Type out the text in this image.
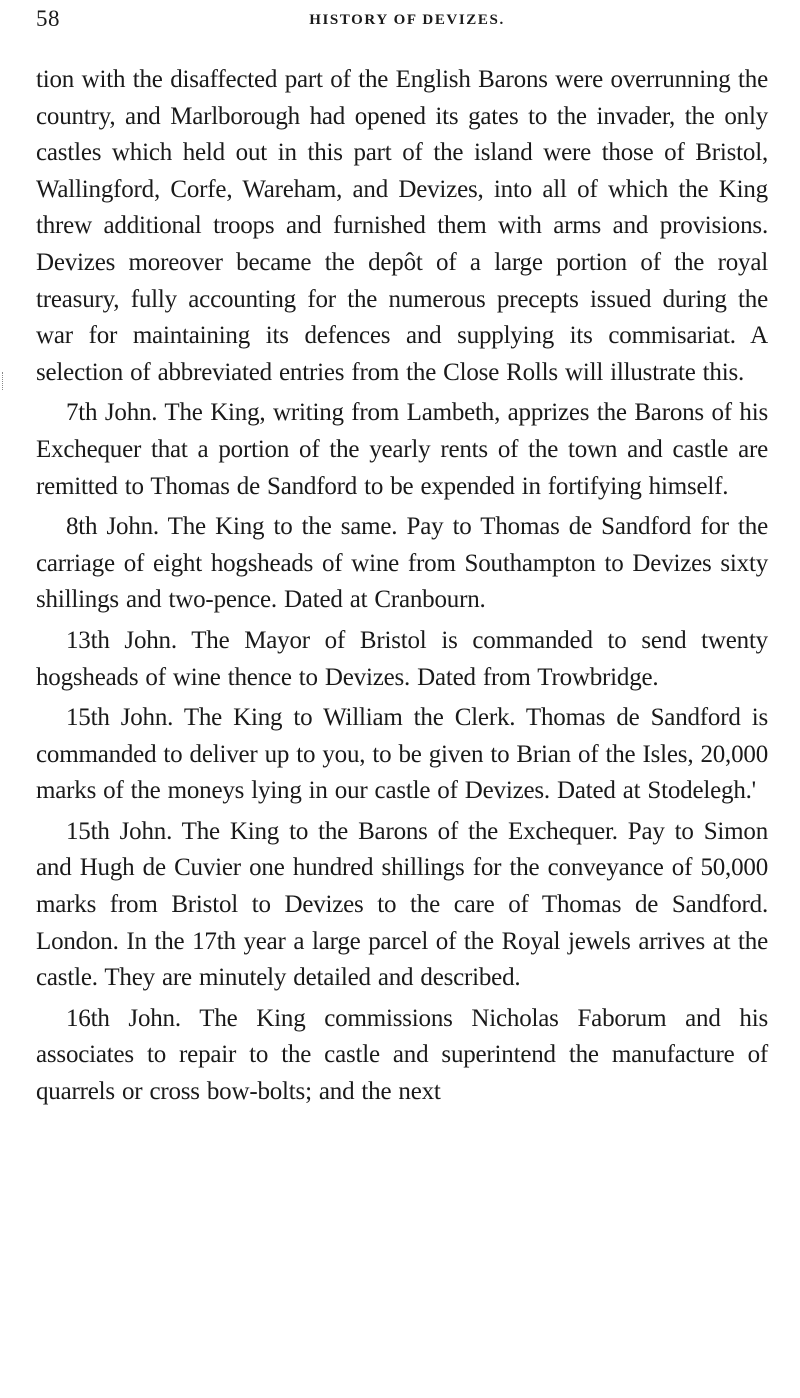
58	HISTORY OF DEVIZES.

tion with the disaffected part of the English Barons were overrunning the country, and Marlborough had opened its gates to the invader, the only castles which held out in this part of the island were those of Bristol, Wallingford, Corfe, Wareham, and Devizes, into all of which the King threw additional troops and furnished them with arms and provisions. Devizes moreover became the depôt of a large portion of the royal treasury, fully accounting for the numerous precepts issued during the war for maintaining its defences and supplying its commisariat. A selection of abbreviated entries from the Close Rolls will illustrate this.

7th John. The King, writing from Lambeth, apprizes the Barons of his Exchequer that a portion of the yearly rents of the town and castle are remitted to Thomas de Sandford to be expended in fortifying himself.

8th John. The King to the same. Pay to Thomas de Sandford for the carriage of eight hogsheads of wine from Southampton to Devizes sixty shillings and two-pence. Dated at Cranbourn.

13th John. The Mayor of Bristol is commanded to send twenty hogsheads of wine thence to Devizes. Dated from Trowbridge.

15th John. The King to William the Clerk. Thomas de Sandford is commanded to deliver up to you, to be given to Brian of the Isles, 20,000 marks of the moneys lying in our castle of Devizes. Dated at Stodelegh.'

15th John. The King to the Barons of the Exchequer. Pay to Simon and Hugh de Cuvier one hundred shillings for the conveyance of 50,000 marks from Bristol to Devizes to the care of Thomas de Sandford. London. In the 17th year a large parcel of the Royal jewels arrives at the castle. They are minutely detailed and described.

16th John. The King commissions Nicholas Faborum and his associates to repair to the castle and superintend the manufacture of quarrels or cross bow-bolts; and the next
